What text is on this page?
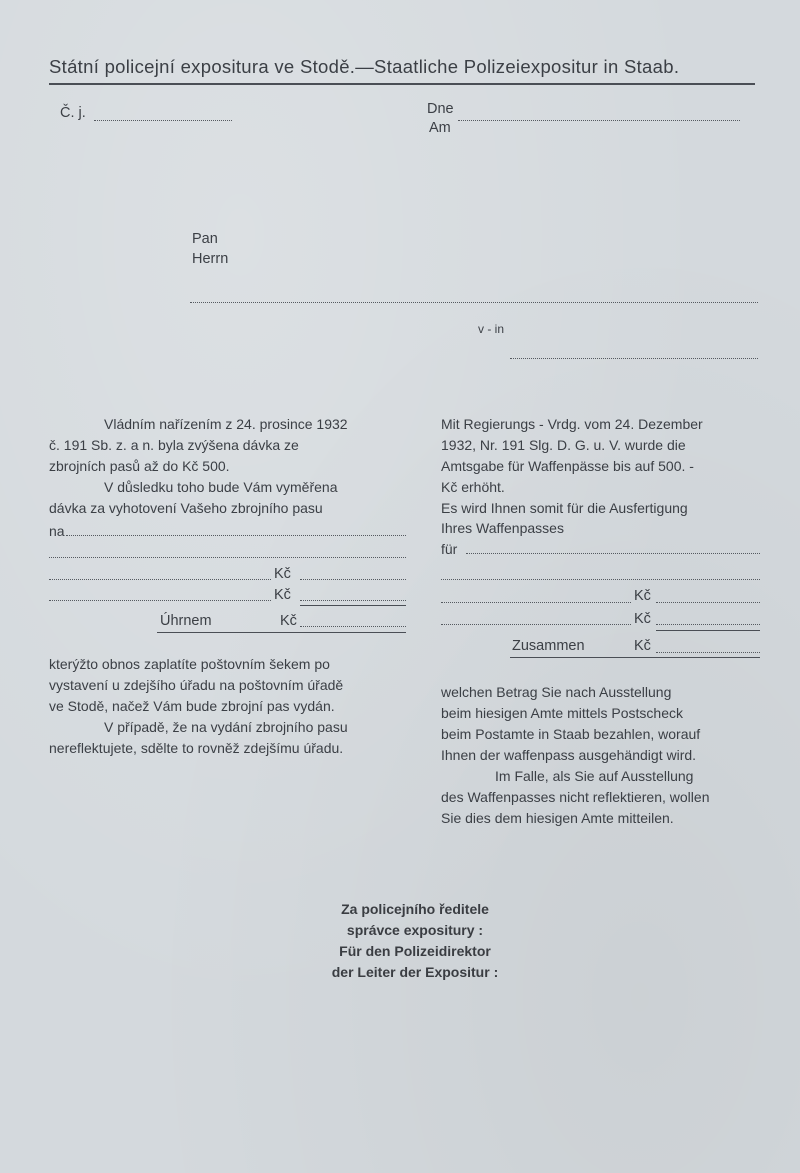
Státní policejní expositura ve Stodě.—Staatliche Polizeiexpositur in Staab.
Č. j.	Dne
Am
Pan
Herrn
v - in
Vládním nařízením z 24. prosince 1932
č. 191 Sb. z. a n. byla zvýšena dávka ze
zbrojních pasů až do Kč 500.
V důsledku toho bude Vám vyměřena
dávka za vyhotovení Vašeho zbrojního pasu
na
Kč
Kč
Úhrnem	Kč
kterýžto obnos zaplatíte poštovním šekem po
vystavení u zdejšího úřadu na poštovním úřadě
ve Stodě, načež Vám bude zbrojní pas vydán.
V případě, že na vydání zbrojního pasu
nereflektujete, sdělte to rovněž zdejšímu úřadu.
Mit Regierungs - Vrdg. vom 24. Dezember
1932, Nr. 191 Slg. D. G. u. V. wurde die
Amtsgabe für Waffenpässe bis auf 500. -
Kč erhöht.
Es wird Ihnen somit für die Ausfertigung
Ihres Waffenpasses
für
Kč
Kč
Zusammen	Kč
welchen Betrag Sie nach Ausstellung
beim hiesigen Amte mittels Postscheck
beim Postamte in Staab bezahlen, worauf
Ihnen der waffenpass ausgehändigt wird.
Im Falle, als Sie auf Ausstellung
des Waffenpasses nicht reflektieren, wollen
Sie dies dem hiesigen Amte mitteilen.
Za policejního ředitele
správce expositury :
Für den Polizeidirektor
der Leiter der Expositur :
